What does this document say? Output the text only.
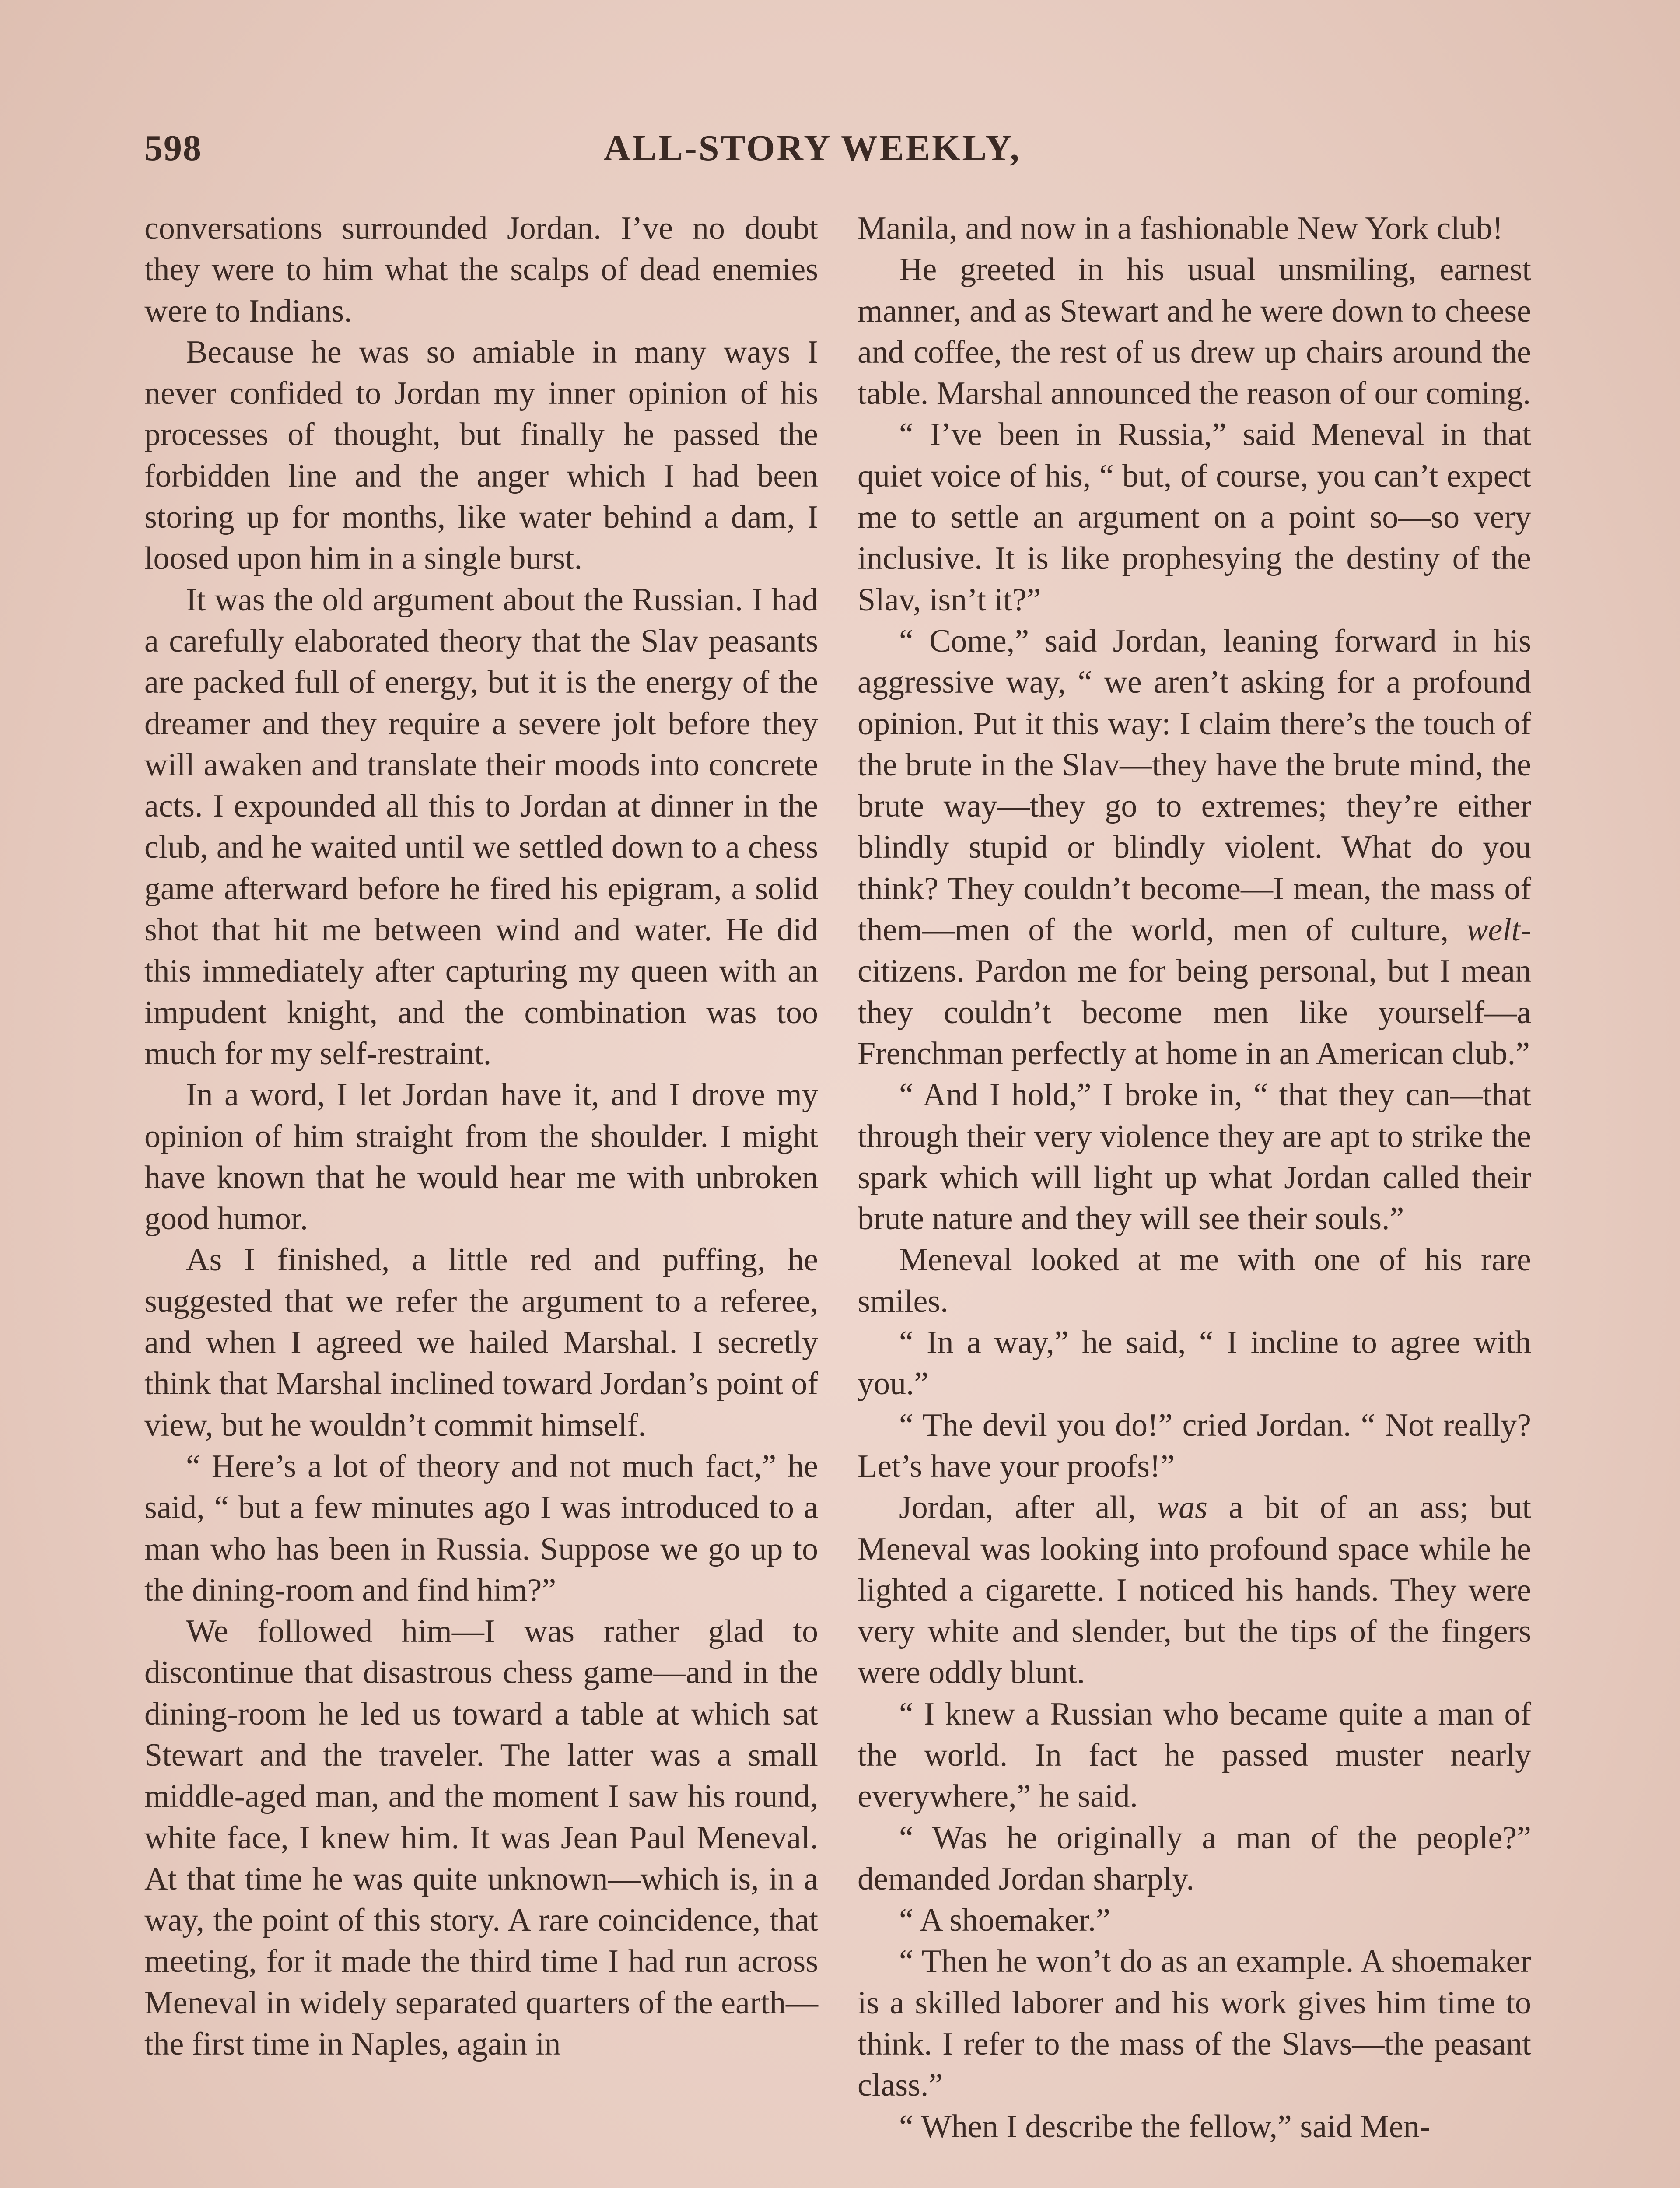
598	ALL-STORY WEEKLY,

conversations surrounded Jordan. I’ve no doubt they were to him what the scalps of dead enemies were to Indians.

Because he was so amiable in many ways I never confided to Jordan my inner opinion of his processes of thought, but finally he passed the forbidden line and the anger which I had been storing up for months, like water behind a dam, I loosed upon him in a single burst.

It was the old argument about the Russian. I had a carefully elaborated theory that the Slav peasants are packed full of energy, but it is the energy of the dreamer and they require a severe jolt before they will awaken and translate their moods into concrete acts. I expounded all this to Jordan at dinner in the club, and he waited until we settled down to a chess game afterward before he fired his epigram, a solid shot that hit me between wind and water. He did this immediately after capturing my queen with an impudent knight, and the combination was too much for my self-restraint.

In a word, I let Jordan have it, and I drove my opinion of him straight from the shoulder. I might have known that he would hear me with unbroken good humor.

As I finished, a little red and puffing, he suggested that we refer the argument to a referee, and when I agreed we hailed Marshal. I secretly think that Marshal inclined toward Jordan’s point of view, but he wouldn’t commit himself.

“ Here’s a lot of theory and not much fact,” he said, “ but a few minutes ago I was introduced to a man who has been in Russia. Suppose we go up to the dining-room and find him?”

We followed him—I was rather glad to discontinue that disastrous chess game—and in the dining-room he led us toward a table at which sat Stewart and the traveler. The latter was a small middle-aged man, and the moment I saw his round, white face, I knew him. It was Jean Paul Meneval. At that time he was quite unknown—which is, in a way, the point of this story. A rare coincidence, that meeting, for it made the third time I had run across Meneval in widely separated quarters of the earth—the first time in Naples, again in

Manila, and now in a fashionable New York club!

He greeted in his usual unsmiling, earnest manner, and as Stewart and he were down to cheese and coffee, the rest of us drew up chairs around the table. Marshal announced the reason of our coming.

“ I’ve been in Russia,” said Meneval in that quiet voice of his, “ but, of course, you can’t expect me to settle an argument on a point so—so very inclusive. It is like prophesying the destiny of the Slav, isn’t it?”

“ Come,” said Jordan, leaning forward in his aggressive way, “ we aren’t asking for a profound opinion. Put it this way: I claim there’s the touch of the brute in the Slav—they have the brute mind, the brute way—they go to extremes; they’re either blindly stupid or blindly violent. What do you think? They couldn’t become—I mean, the mass of them—men of the world, men of culture, welt-citizens. Pardon me for being personal, but I mean they couldn’t become men like yourself—a Frenchman perfectly at home in an American club.”

“ And I hold,” I broke in, “ that they can—that through their very violence they are apt to strike the spark which will light up what Jordan called their brute nature and they will see their souls.”

Meneval looked at me with one of his rare smiles.

“ In a way,” he said, “ I incline to agree with you.”

“ The devil you do!” cried Jordan. “ Not really? Let’s have your proofs!”

Jordan, after all, was a bit of an ass; but Meneval was looking into profound space while he lighted a cigarette. I noticed his hands. They were very white and slender, but the tips of the fingers were oddly blunt.

“ I knew a Russian who became quite a man of the world. In fact he passed muster nearly everywhere,” he said.

“ Was he originally a man of the people?” demanded Jordan sharply.

“ A shoemaker.”

“ Then he won’t do as an example. A shoemaker is a skilled laborer and his work gives him time to think. I refer to the mass of the Slavs—the peasant class.”

“ When I describe the fellow,” said Men-
